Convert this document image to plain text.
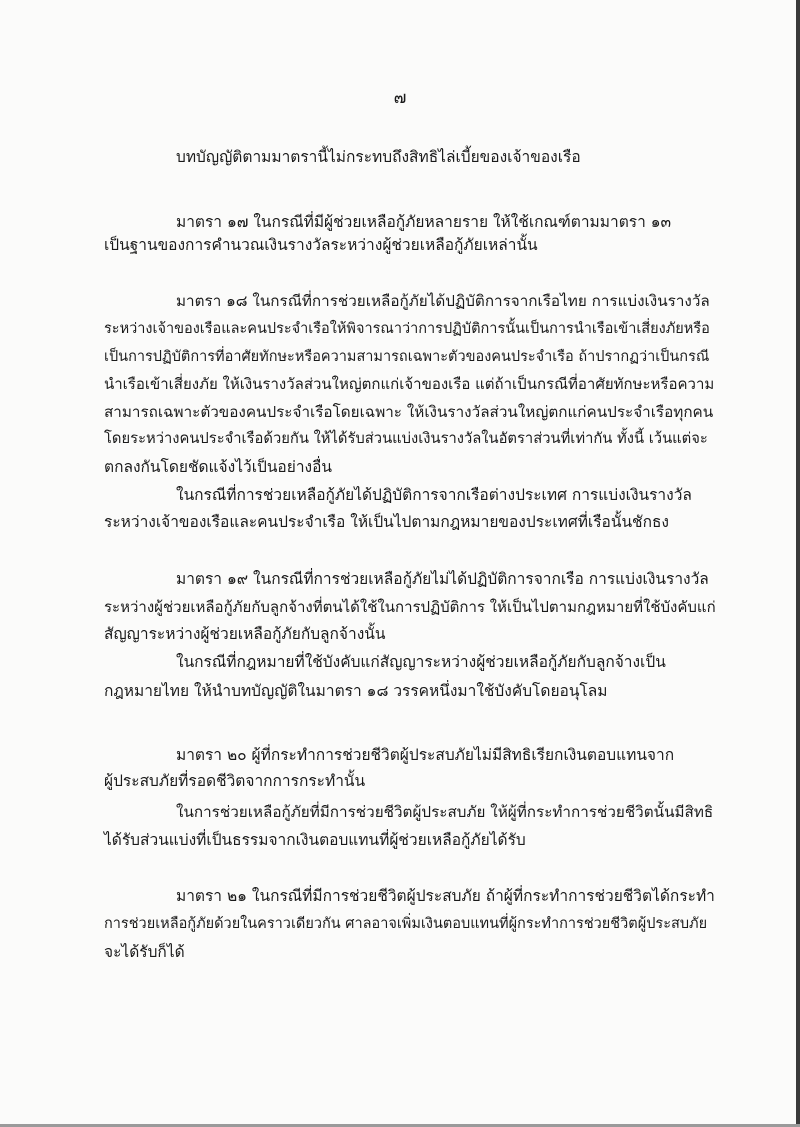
๗
บทบัญญัติตามมาตรานี้ไม่กระทบถึงสิทธิไล่เบี้ยของเจ้าของเรือ
มาตรา ๑๗ ในกรณีที่มีผู้ช่วยเหลือกู้ภัยหลายราย ให้ใช้เกณฑ์ตามมาตรา ๑๓
เป็นฐานของการคำนวณเงินรางวัลระหว่างผู้ช่วยเหลือกู้ภัยเหล่านั้น
มาตรา ๑๘ ในกรณีที่การช่วยเหลือกู้ภัยได้ปฏิบัติการจากเรือไทย การแบ่งเงินรางวัล
ระหว่างเจ้าของเรือและคนประจำเรือให้พิจารณาว่าการปฏิบัติการนั้นเป็นการนำเรือเข้าเสี่ยงภัยหรือ
เป็นการปฏิบัติการที่อาศัยทักษะหรือความสามารถเฉพาะตัวของคนประจำเรือ ถ้าปรากฏว่าเป็นกรณี
นำเรือเข้าเสี่ยงภัย ให้เงินรางวัลส่วนใหญ่ตกแก่เจ้าของเรือ แต่ถ้าเป็นกรณีที่อาศัยทักษะหรือความ
สามารถเฉพาะตัวของคนประจำเรือโดยเฉพาะ ให้เงินรางวัลส่วนใหญ่ตกแก่คนประจำเรือทุกคน
โดยระหว่างคนประจำเรือด้วยกัน ให้ได้รับส่วนแบ่งเงินรางวัลในอัตราส่วนที่เท่ากัน ทั้งนี้ เว้นแต่จะ
ตกลงกันโดยชัดแจ้งไว้เป็นอย่างอื่น
ในกรณีที่การช่วยเหลือกู้ภัยได้ปฏิบัติการจากเรือต่างประเทศ การแบ่งเงินรางวัล
ระหว่างเจ้าของเรือและคนประจำเรือ ให้เป็นไปตามกฎหมายของประเทศที่เรือนั้นชักธง
มาตรา ๑๙ ในกรณีที่การช่วยเหลือกู้ภัยไม่ได้ปฏิบัติการจากเรือ การแบ่งเงินรางวัล
ระหว่างผู้ช่วยเหลือกู้ภัยกับลูกจ้างที่ตนได้ใช้ในการปฏิบัติการ ให้เป็นไปตามกฎหมายที่ใช้บังคับแก่
สัญญาระหว่างผู้ช่วยเหลือกู้ภัยกับลูกจ้างนั้น
ในกรณีที่กฎหมายที่ใช้บังคับแก่สัญญาระหว่างผู้ช่วยเหลือกู้ภัยกับลูกจ้างเป็น
กฎหมายไทย ให้นำบทบัญญัติในมาตรา ๑๘ วรรคหนึ่งมาใช้บังคับโดยอนุโลม
มาตรา ๒๐ ผู้ที่กระทำการช่วยชีวิตผู้ประสบภัยไม่มีสิทธิเรียกเงินตอบแทนจาก
ผู้ประสบภัยที่รอดชีวิตจากการกระทำนั้น
ในการช่วยเหลือกู้ภัยที่มีการช่วยชีวิตผู้ประสบภัย ให้ผู้ที่กระทำการช่วยชีวิตนั้นมีสิทธิ
ได้รับส่วนแบ่งที่เป็นธรรมจากเงินตอบแทนที่ผู้ช่วยเหลือกู้ภัยได้รับ
มาตรา ๒๑ ในกรณีที่มีการช่วยชีวิตผู้ประสบภัย ถ้าผู้ที่กระทำการช่วยชีวิตได้กระทำ
การช่วยเหลือกู้ภัยด้วยในคราวเดียวกัน ศาลอาจเพิ่มเงินตอบแทนที่ผู้กระทำการช่วยชีวิตผู้ประสบภัย
จะได้รับก็ได้
